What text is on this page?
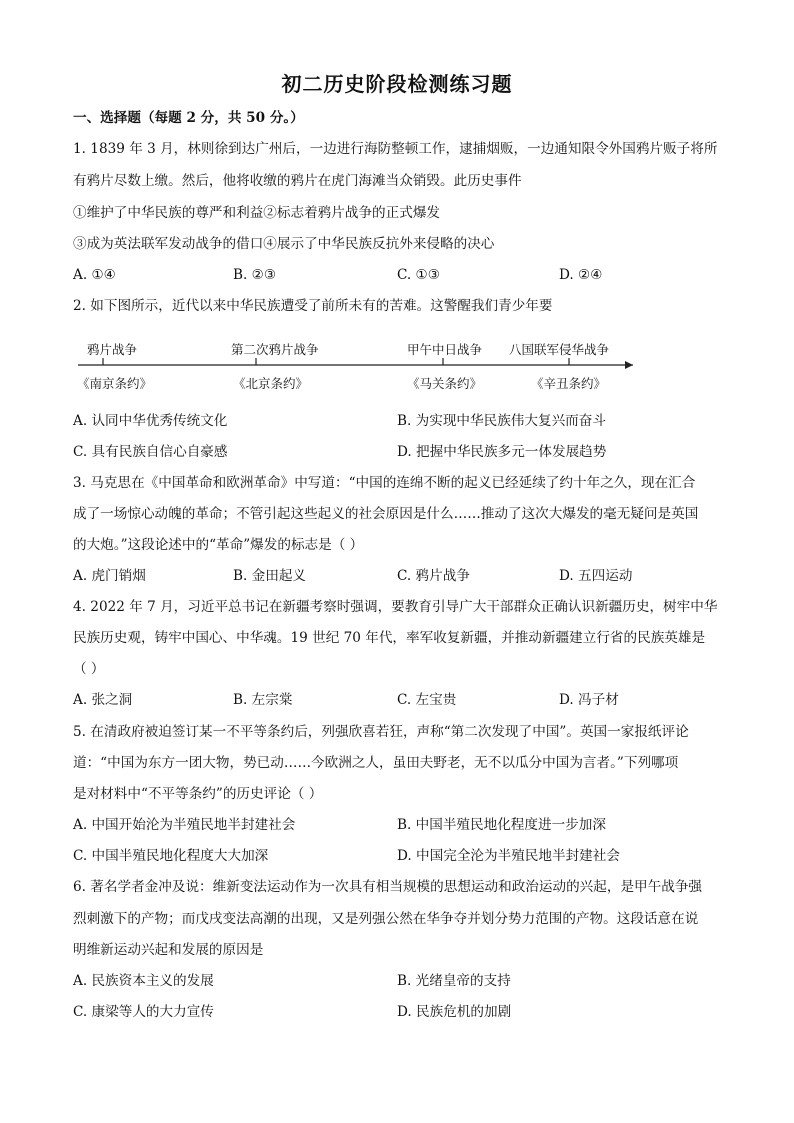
初二历史阶段检测练习题
一、选择题（每题 2 分，共 50 分。）
1. 1839 年 3 月，林则徐到达广州后，一边进行海防整顿工作，逮捕烟贩，一边通知限令外国鸦片贩子将所
有鸦片尽数上缴。然后，他将收缴的鸦片在虎门海滩当众销毁。此历史事件
①维护了中华民族的尊严和利益②标志着鸦片战争的正式爆发
③成为英法联军发动战争的借口④展示了中华民族反抗外来侵略的决心
A. ①④	B. ②③	C. ①③	D. ②④
2. 如下图所示，近代以来中华民族遭受了前所未有的苦难。这警醒我们青少年要
鸦片战争	第二次鸦片战争	甲午中日战争 八国联军侵华战争
《南京条约》	《北京条约》	《马关条约》	《辛丑条约》
A. 认同中华优秀传统文化	B. 为实现中华民族伟大复兴而奋斗
C. 具有民族自信心自豪感	D. 把握中华民族多元一体发展趋势
3. 马克思在《中国革命和欧洲革命》中写道：“中国的连绵不断的起义已经延续了约十年之久，现在汇合
成了一场惊心动魄的革命；不管引起这些起义的社会原因是什么……推动了这次大爆发的毫无疑问是英国
的大炮。”这段论述中的“革命”爆发的标志是（ ）
A. 虎门销烟	B. 金田起义	C. 鸦片战争	D. 五四运动
4. 2022 年 7 月，习近平总书记在新疆考察时强调，要教育引导广大干部群众正确认识新疆历史，树牢中华
民族历史观，铸牢中国心、中华魂。19 世纪 70 年代，率军收复新疆，并推动新疆建立行省的民族英雄是
（ ）
A. 张之洞	B. 左宗棠	C. 左宝贵	D. 冯子材
5. 在清政府被迫签订某一不平等条约后，列强欣喜若狂，声称“第二次发现了中国”。英国一家报纸评论
道：“中国为东方一团大物，势已动……今欧洲之人，虽田夫野老，无不以瓜分中国为言者。”下列哪项
是对材料中“不平等条约”的历史评论（ ）
A. 中国开始沦为半殖民地半封建社会	B. 中国半殖民地化程度进一步加深
C. 中国半殖民地化程度大大加深	D. 中国完全沦为半殖民地半封建社会
6. 著名学者金冲及说：维新变法运动作为一次具有相当规模的思想运动和政治运动的兴起，是甲午战争强
烈刺激下的产物；而戊戌变法高潮的出现，又是列强公然在华争夺并划分势力范围的产物。这段话意在说
明维新运动兴起和发展的原因是
A. 民族资本主义的发展	B. 光绪皇帝的支持
C. 康梁等人的大力宣传	D. 民族危机的加剧
